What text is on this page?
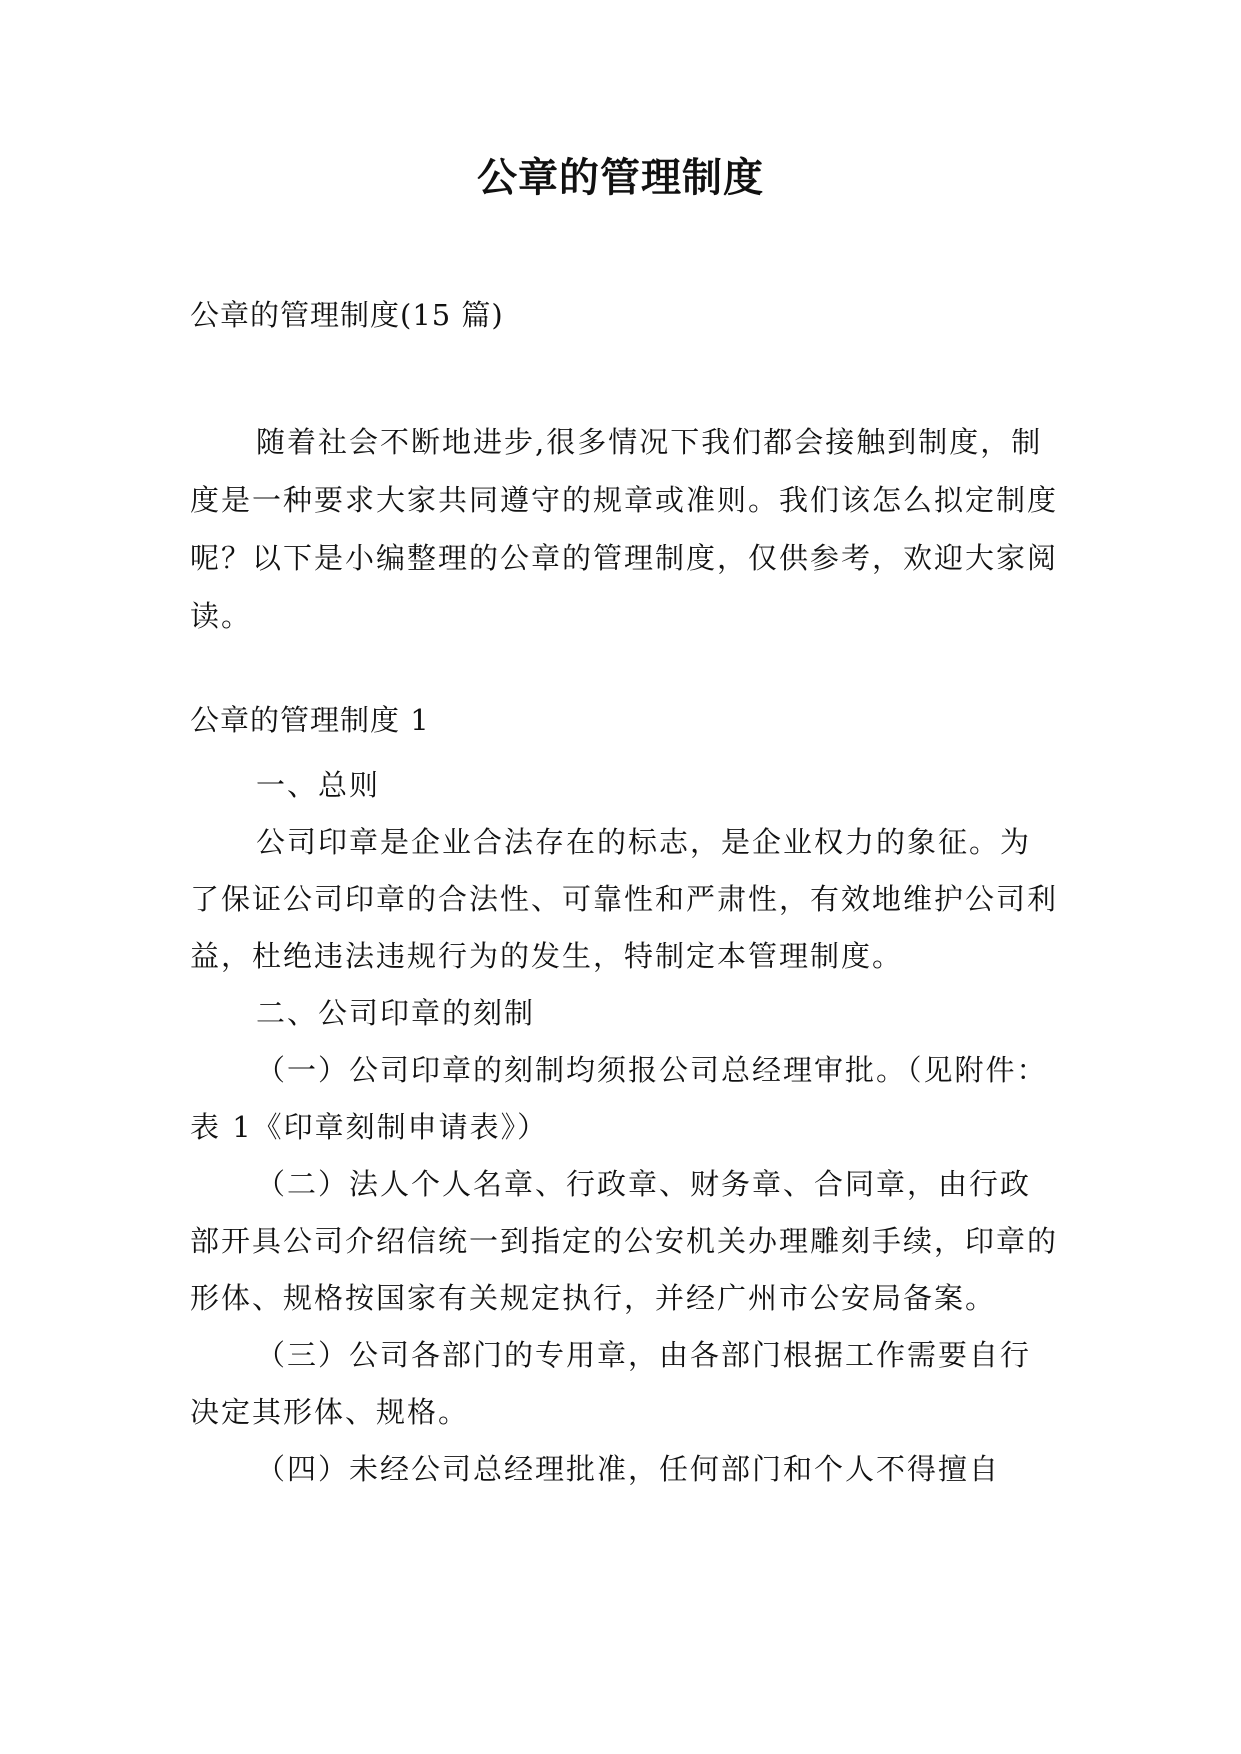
公章的管理制度
公章的管理制度(15 篇)

随着社会不断地进步,很多情况下我们都会接触到制度，制度是一种要求大家共同遵守的规章或准则。我们该怎么拟定制度呢？以下是小编整理的公章的管理制度，仅供参考，欢迎大家阅读。

公章的管理制度 1

一、总则

公司印章是企业合法存在的标志，是企业权力的象征。为了保证公司印章的合法性、可靠性和严肃性，有效地维护公司利益，杜绝违法违规行为的发生，特制定本管理制度。

二、公司印章的刻制

（一）公司印章的刻制均须报公司总经理审批。（见附件：表 1《印章刻制申请表》）

（二）法人个人名章、行政章、财务章、合同章，由行政部开具公司介绍信统一到指定的公安机关办理雕刻手续，印章的形体、规格按国家有关规定执行，并经广州市公安局备案。

（三）公司各部门的专用章，由各部门根据工作需要自行决定其形体、规格。

（四）未经公司总经理批准，任何部门和个人不得擅自
